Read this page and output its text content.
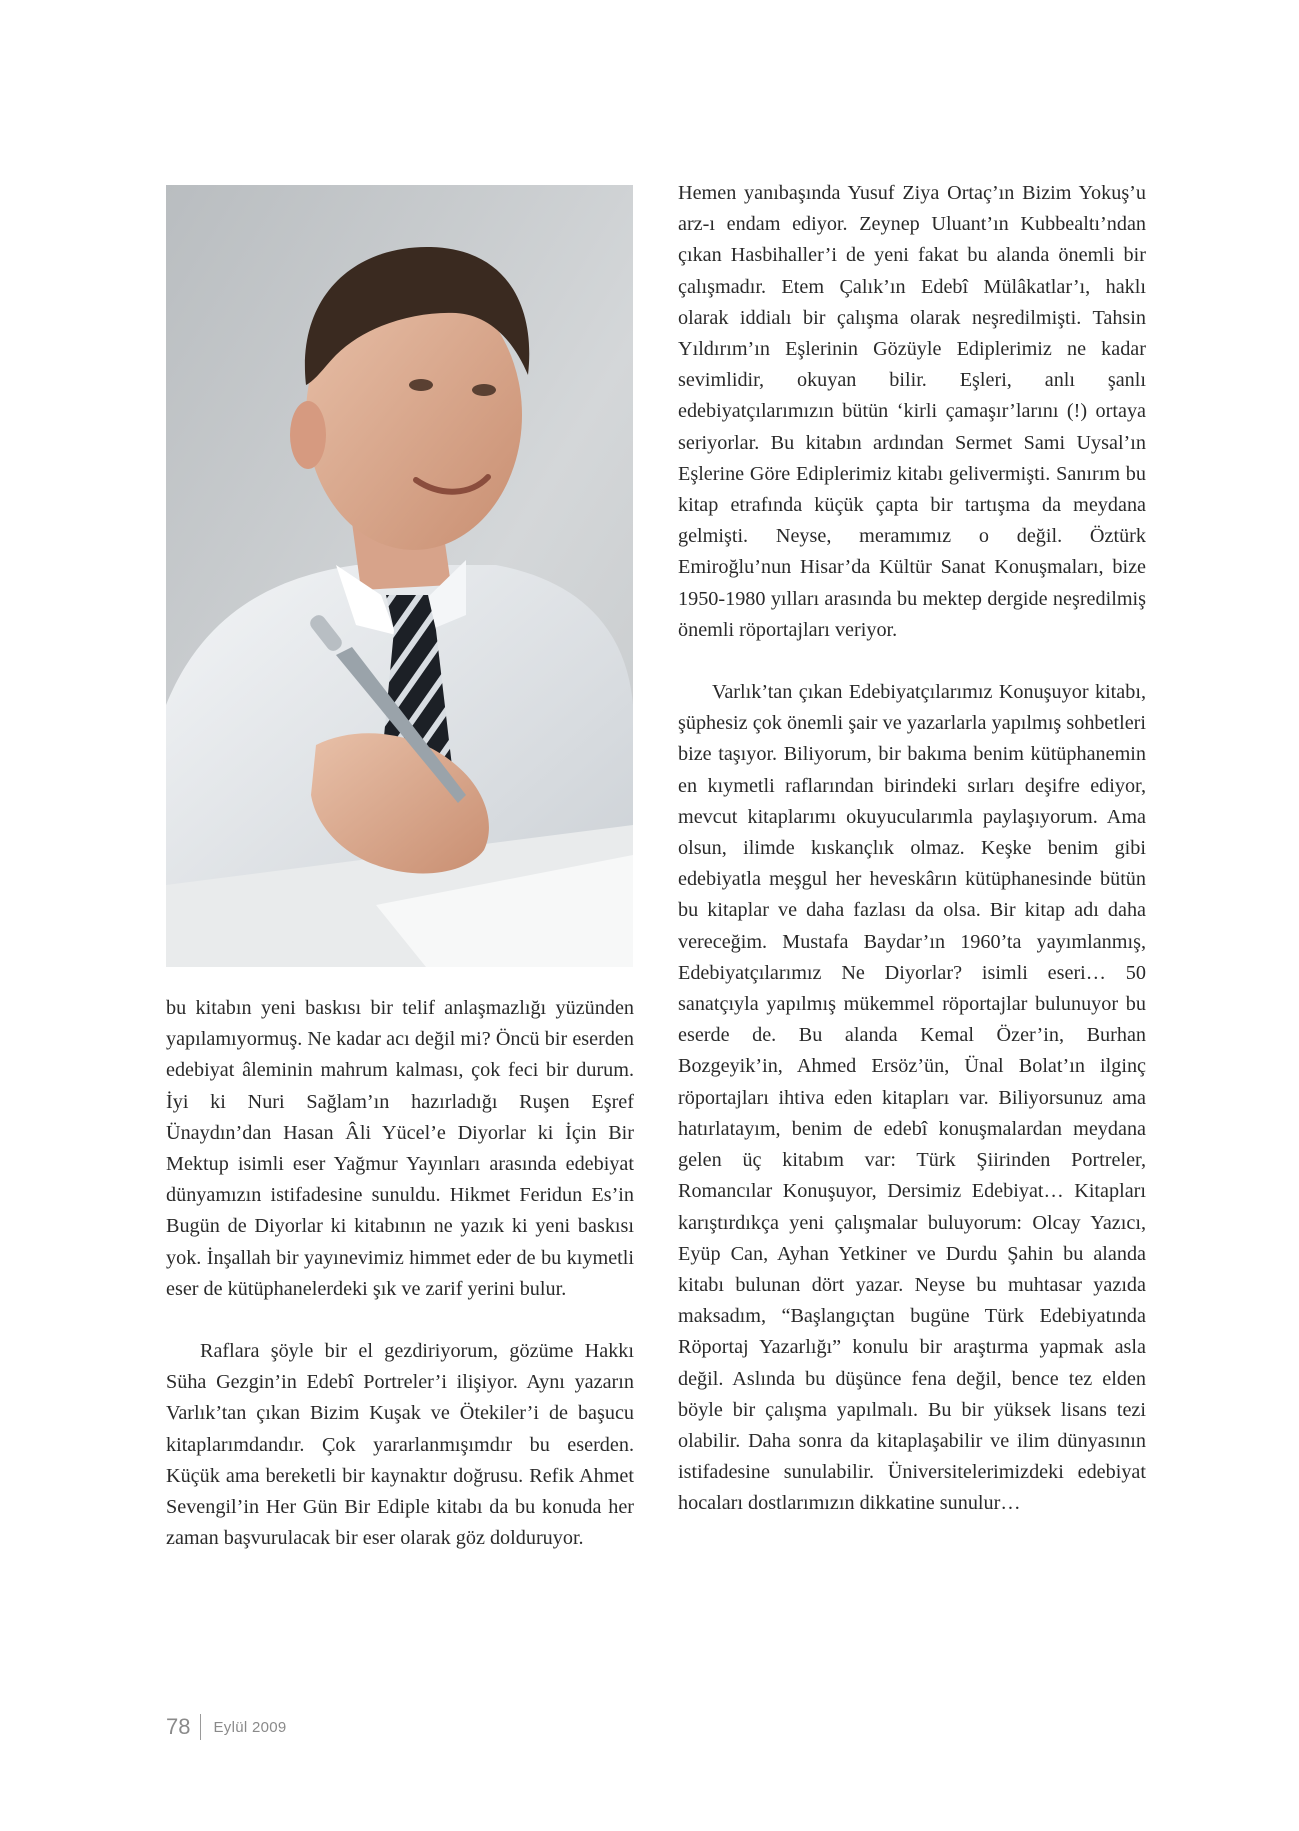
bu kitabın yeni baskısı bir telif anlaşmazlığı yüzünden yapılamıyormuş. Ne kadar acı değil mi? Öncü bir eserden edebiyat âleminin mahrum kalması, çok feci bir durum. İyi ki Nuri Sağlam’ın hazırladığı Ruşen Eşref Ünaydın’dan Hasan Âli Yücel’e Diyorlar ki İçin Bir Mektup isimli eser Yağmur Yayınları arasında edebiyat dünyamızın istifadesine sunuldu. Hikmet Feridun Es’in Bugün de Diyorlar ki kitabının ne yazık ki yeni baskısı yok. İnşallah bir yayınevimiz himmet eder de bu kıymetli eser de kütüphanelerdeki şık ve zarif yerini bulur.

Raflara şöyle bir el gezdiriyorum, gözüme Hakkı Süha Gezgin’in Edebî Portreler’i ilişiyor. Aynı yazarın Varlık’tan çıkan Bizim Kuşak ve Ötekiler’i de başucu kitaplarımdandır. Çok yararlanmışımdır bu eserden. Küçük ama bereketli bir kaynaktır doğrusu. Refik Ahmet Sevengil’in Her Gün Bir Ediple kitabı da bu konuda her zaman başvurulacak bir eser olarak göz dolduruyor.

Hemen yanıbaşında Yusuf Ziya Ortaç’ın Bizim Yokuş’u arz-ı endam ediyor. Zeynep Uluant’ın Kubbealtı’ndan çıkan Hasbihaller’i de yeni fakat bu alanda önemli bir çalışmadır. Etem Çalık’ın Edebî Mülâkatlar’ı, haklı olarak iddialı bir çalışma olarak neşredilmişti. Tahsin Yıldırım’ın Eşlerinin Gözüyle Ediplerimiz ne kadar sevimlidir, okuyan bilir. Eşleri, anlı şanlı edebiyatçılarımızın bütün ‘kirli çamaşır’larını (!) ortaya seriyorlar. Bu kitabın ardından Sermet Sami Uysal’ın Eşlerine Göre Ediplerimiz kitabı gelivermişti. Sanırım bu kitap etrafında küçük çapta bir tartışma da meydana gelmişti. Neyse, meramımız o değil. Öztürk Emiroğlu’nun Hisar’da Kültür Sanat Konuşmaları, bize 1950-1980 yılları arasında bu mektep dergide neşredilmiş önemli röportajları veriyor.

Varlık’tan çıkan Edebiyatçılarımız Konuşuyor kitabı, şüphesiz çok önemli şair ve yazarlarla yapılmış sohbetleri bize taşıyor. Biliyorum, bir bakıma benim kütüphanemin en kıymetli raflarından birindeki sırları deşifre ediyor, mevcut kitaplarımı okuyucularımla paylaşıyorum. Ama olsun, ilimde kıskançlık olmaz. Keşke benim gibi edebiyatla meşgul her heveskârın kütüphanesinde bütün bu kitaplar ve daha fazlası da olsa. Bir kitap adı daha vereceğim. Mustafa Baydar’ın 1960’ta yayımlanmış, Edebiyatçılarımız Ne Diyorlar? isimli eseri… 50 sanatçıyla yapılmış mükemmel röportajlar bulunuyor bu eserde de. Bu alanda Kemal Özer’in, Burhan Bozgeyik’in, Ahmed Ersöz’ün, Ünal Bolat’ın ilginç röportajları ihtiva eden kitapları var. Biliyorsunuz ama hatırlatayım, benim de edebî konuşmalardan meydana gelen üç kitabım var: Türk Şiirinden Portreler, Romancılar Konuşuyor, Dersimiz Edebiyat… Kitapları karıştırdıkça yeni çalışmalar buluyorum: Olcay Yazıcı, Eyüp Can, Ayhan Yetkiner ve Durdu Şahin bu alanda kitabı bulunan dört yazar. Neyse bu muhtasar yazıda maksadım, “Başlangıçtan bugüne Türk Edebiyatında Röportaj Yazarlığı” konulu bir araştırma yapmak asla değil. Aslında bu düşünce fena değil, bence tez elden böyle bir çalışma yapılmalı. Bu bir yüksek lisans tezi olabilir. Daha sonra da kitaplaşabilir ve ilim dünyasının istifadesine sunulabilir. Üniversitelerimizdeki edebiyat hocaları dostlarımızın dikkatine sunulur…

78 Eylül 2009
